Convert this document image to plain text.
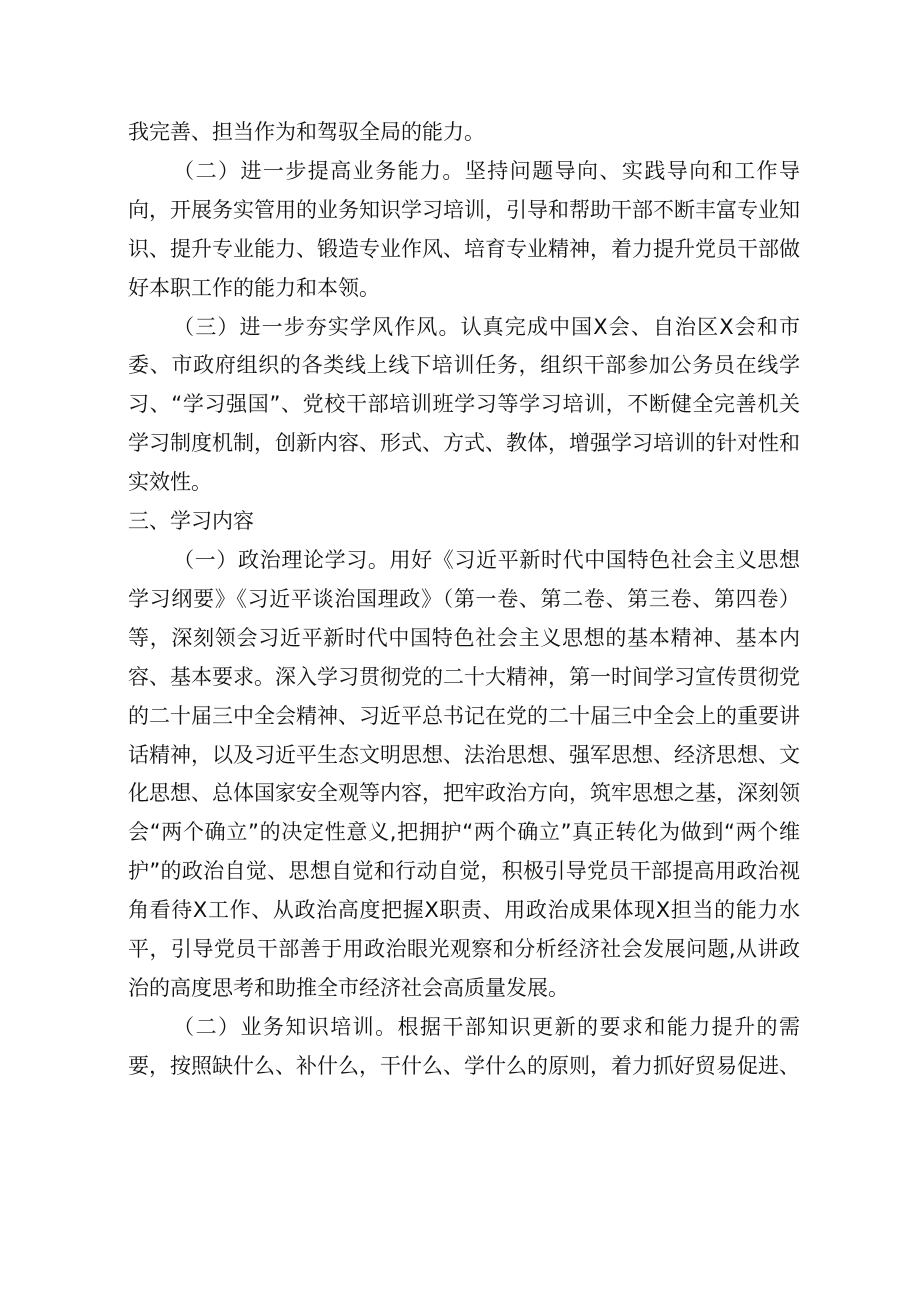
我完善、担当作为和驾驭全局的能力。

（二）进一步提高业务能力。坚持问题导向、实践导向和工作导向，开展务实管用的业务知识学习培训，引导和帮助干部不断丰富专业知识、提升专业能力、锻造专业作风、培育专业精神，着力提升党员干部做好本职工作的能力和本领。

（三）进一步夯实学风作风。认真完成中国X会、自治区X会和市委、市政府组织的各类线上线下培训任务，组织干部参加公务员在线学习、“学习强国”、党校干部培训班学习等学习培训，不断健全完善机关学习制度机制，创新内容、形式、方式、教体，增强学习培训的针对性和实效性。

三、学习内容

（一）政治理论学习。用好《习近平新时代中国特色社会主义思想学习纲要》《习近平谈治国理政》（第一卷、第二卷、第三卷、第四卷）等，深刻领会习近平新时代中国特色社会主义思想的基本精神、基本内容、基本要求。深入学习贯彻党的二十大精神，第一时间学习宣传贯彻党的二十届三中全会精神、习近平总书记在党的二十届三中全会上的重要讲话精神，以及习近平生态文明思想、法治思想、强军思想、经济思想、文化思想、总体国家安全观等内容，把牢政治方向，筑牢思想之基，深刻领会“两个确立”的决定性意义,把拥护“两个确立”真正转化为做到“两个维护”的政治自觉、思想自觉和行动自觉，积极引导党员干部提高用政治视角看待X工作、从政治高度把握X职责、用政治成果体现X担当的能力水平，引导党员干部善于用政治眼光观察和分析经济社会发展问题,从讲政治的高度思考和助推全市经济社会高质量发展。

（二）业务知识培训。根据干部知识更新的要求和能力提升的需要，按照缺什么、补什么，干什么、学什么的原则，着力抓好贸易促进、
